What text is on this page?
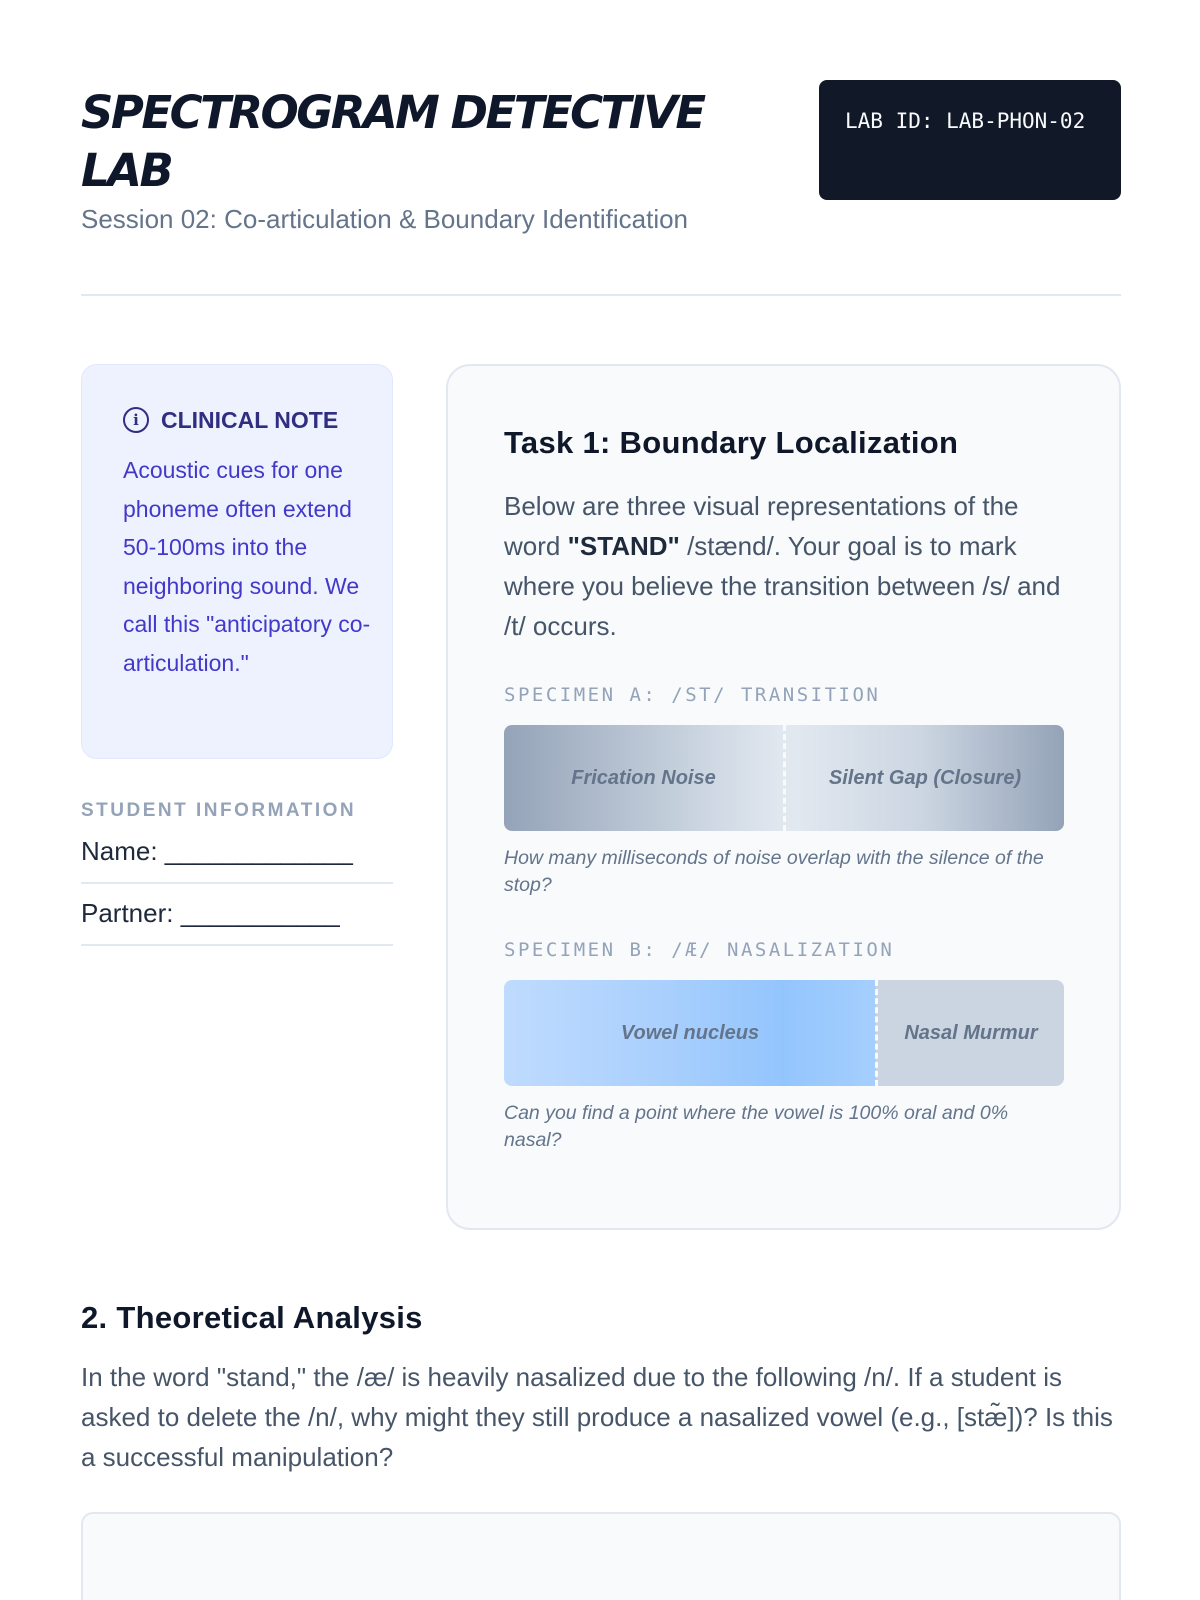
SPECTROGRAM DETECTIVE LAB
Session 02: Co-articulation & Boundary Identification
LAB ID: LAB-PHON-02
i CLINICAL NOTE

Acoustic cues for one phoneme often extend 50-100ms into the neighboring sound. We call this "anticipatory co-articulation."

STUDENT INFORMATION
Name: _____________
Partner: ___________
Task 1: Boundary Localization

Below are three visual representations of the word "STAND" /stænd/. Your goal is to mark where you believe the transition between /s/ and /t/ occurs.

SPECIMEN A: /ST/ TRANSITION
Frication Noise	Silent Gap (Closure)

How many milliseconds of noise overlap with the silence of the stop?

SPECIMEN B: /Æ/ NASALIZATION
Vowel nucleus	Nasal Murmur

Can you find a point where the vowel is 100% oral and 0% nasal?

2. Theoretical Analysis

In the word "stand," the /æ/ is heavily nasalized due to the following /n/. If a student is asked to delete the /n/, why might they still produce a nasalized vowel (e.g., [stæ̃])? Is this a successful manipulation?
